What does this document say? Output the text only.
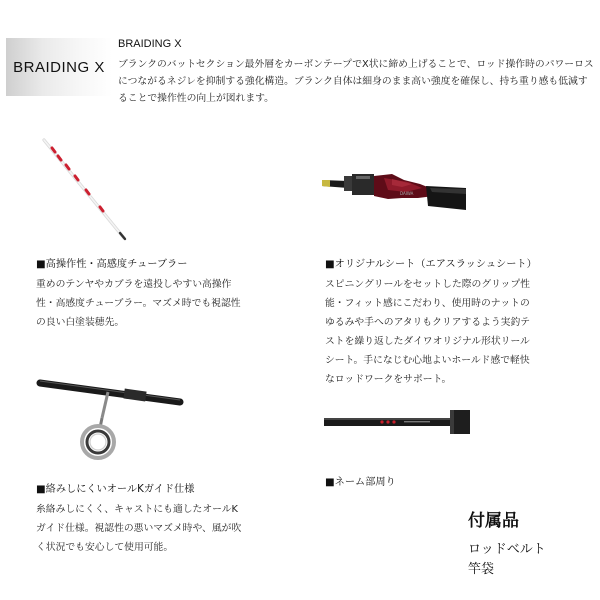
BRAIDING X
BRAIDING X
ブランクのバットセクション最外層をカーボンテープでX状に締め上げることで、ロッド操作時のパワーロスにつながるネジレを抑制する強化構造。ブランク自体は細身のまま高い強度を確保し、持ち重り感も低減することで操作性の向上が図れます。
DAIWA
■高操作性・高感度チューブラー
重めのテンヤやカブラを遠投しやすい高操作
性・高感度チューブラー。マズメ時でも視認性
の良い白塗装穂先。
■オリジナルシート（エアスラッシュシート）
スピニングリールをセットした際のグリップ性
能・フィット感にこだわり、使用時のナットの
ゆるみや手へのアタリもクリアするよう実釣テ
ストを繰り返したダイワオリジナル形状リール
シート。手になじむ心地よいホールド感で軽快
なロッドワークをサポート。
■絡みしにくいオールKガイド仕様
糸絡みしにくく、キャストにも適したオールK
ガイド仕様。視認性の悪いマズメ時や、風が吹
く状況でも安心して使用可能。
■ネーム部周り
付属品
ロッドベルト
竿袋
